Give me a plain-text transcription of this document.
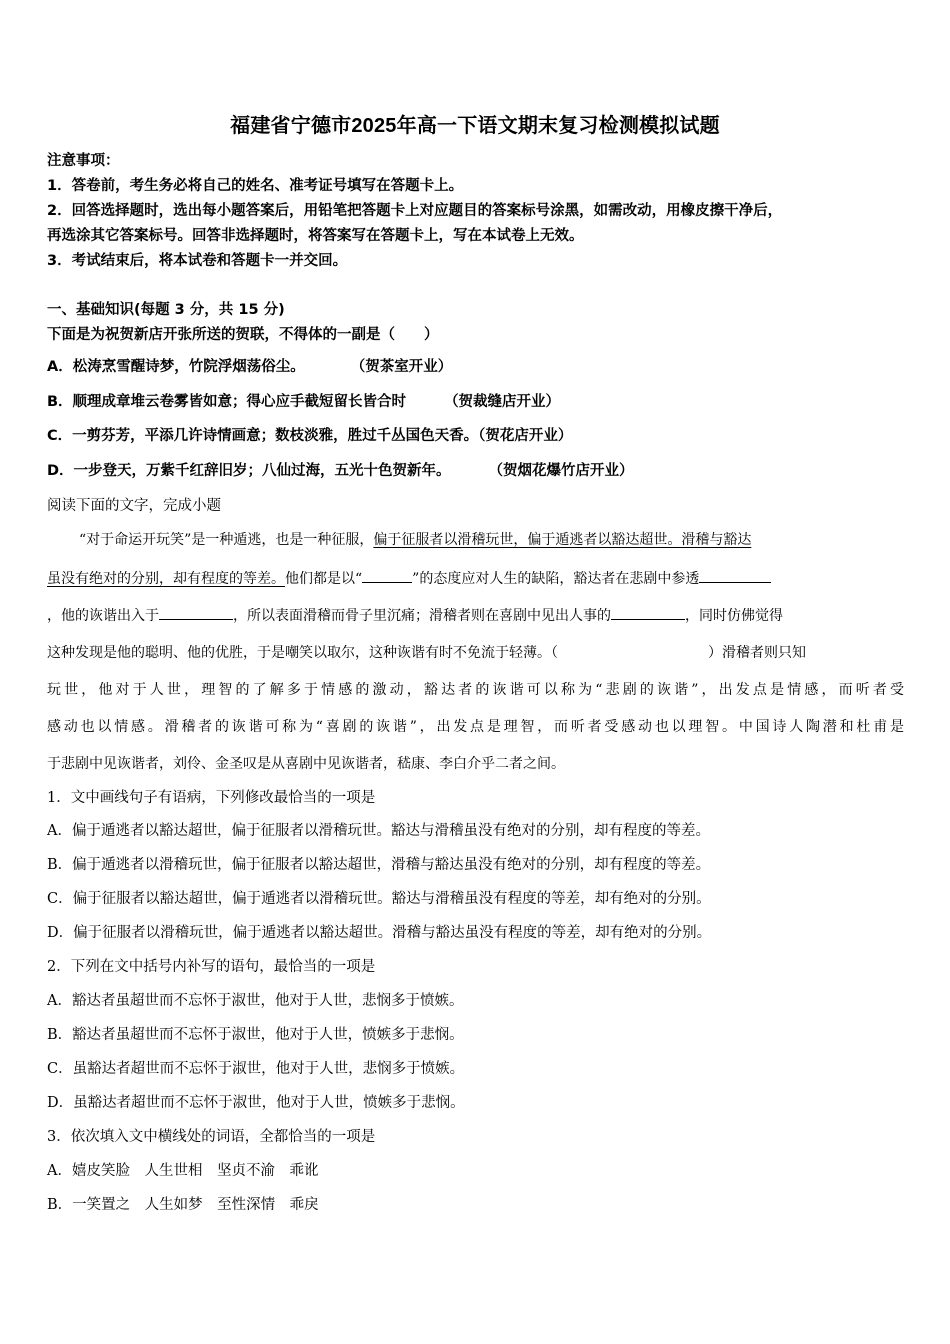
福建省宁德市2025年高一下语文期末复习检测模拟试题
注意事项：
1．答卷前，考生务必将自己的姓名、准考证号填写在答题卡上。
2．回答选择题时，选出每小题答案后，用铅笔把答题卡上对应题目的答案标号涂黑，如需改动，用橡皮擦干净后，
再选涂其它答案标号。回答非选择题时，将答案写在答题卡上，写在本试卷上无效。
3．考试结束后，将本试卷和答题卡一并交回。
一、基础知识(每题 3 分，共 15 分)
下面是为祝贺新店开张所送的贺联，不得体的一副是（　　）
A．松涛烹雪醒诗梦，竹院浮烟荡俗尘。	（贺茶室开业）
B．顺理成章堆云卷雾皆如意；得心应手截短留长皆合时	（贺裁缝店开业）
C．一剪芬芳，平添几许诗情画意；数枝淡雅，胜过千丛国色天香。（贺花店开业）
D．一步登天，万紫千红辞旧岁；八仙过海，五光十色贺新年。	（贺烟花爆竹店开业）
阅读下面的文字，完成小题
“对于命运开玩笑”是一种遁逃，也是一种征服，偏于征服者以滑稽玩世，偏于遁逃者以豁达超世。滑稽与豁达
虽没有绝对的分别，却有程度的等差。他们都是以“	”的态度应对人生的缺陷，豁达者在悲剧中参透
，他的诙谐出入于	，所以表面滑稽而骨子里沉痛；滑稽者则在喜剧中见出人事的	，同时仿佛觉得
这种发现是他的聪明、他的优胜，于是嘲笑以取尔，这种诙谐有时不免流于轻薄。（	）滑稽者则只知
玩世，他对于人世，理智的了解多于情感的激动，豁达者的诙谐可以称为“悲剧的诙谐”，出发点是情感，而听者受
感动也以情感。滑稽者的诙谐可称为“喜剧的诙谐”，出发点是理智，而听者受感动也以理智。中国诗人陶潜和杜甫是
于悲剧中见诙谐者，刘伶、金圣叹是从喜剧中见诙谐者，嵇康、李白介乎二者之间。
1．文中画线句子有语病，下列修改最恰当的一项是
A．偏于遁逃者以豁达超世，偏于征服者以滑稽玩世。豁达与滑稽虽没有绝对的分别，却有程度的等差。
B．偏于遁逃者以滑稽玩世，偏于征服者以豁达超世，滑稽与豁达虽没有绝对的分别，却有程度的等差。
C．偏于征服者以豁达超世，偏于遁逃者以滑稽玩世。豁达与滑稽虽没有程度的等差，却有绝对的分别。
D．偏于征服者以滑稽玩世，偏于遁逃者以豁达超世。滑稽与豁达虽没有程度的等差，却有绝对的分别。
2．下列在文中括号内补写的语句，最恰当的一项是
A．豁达者虽超世而不忘怀于淑世，他对于人世，悲悯多于愤嫉。
B．豁达者虽超世而不忘怀于淑世，他对于人世，愤嫉多于悲悯。
C．虽豁达者超世而不忘怀于淑世，他对于人世，悲悯多于愤嫉。
D．虽豁达者超世而不忘怀于淑世，他对于人世，愤嫉多于悲悯。
3．依次填入文中横线处的词语，全都恰当的一项是
A．嬉皮笑脸　人生世相　坚贞不渝　乖讹
B．一笑置之　人生如梦　至性深情　乖戾
